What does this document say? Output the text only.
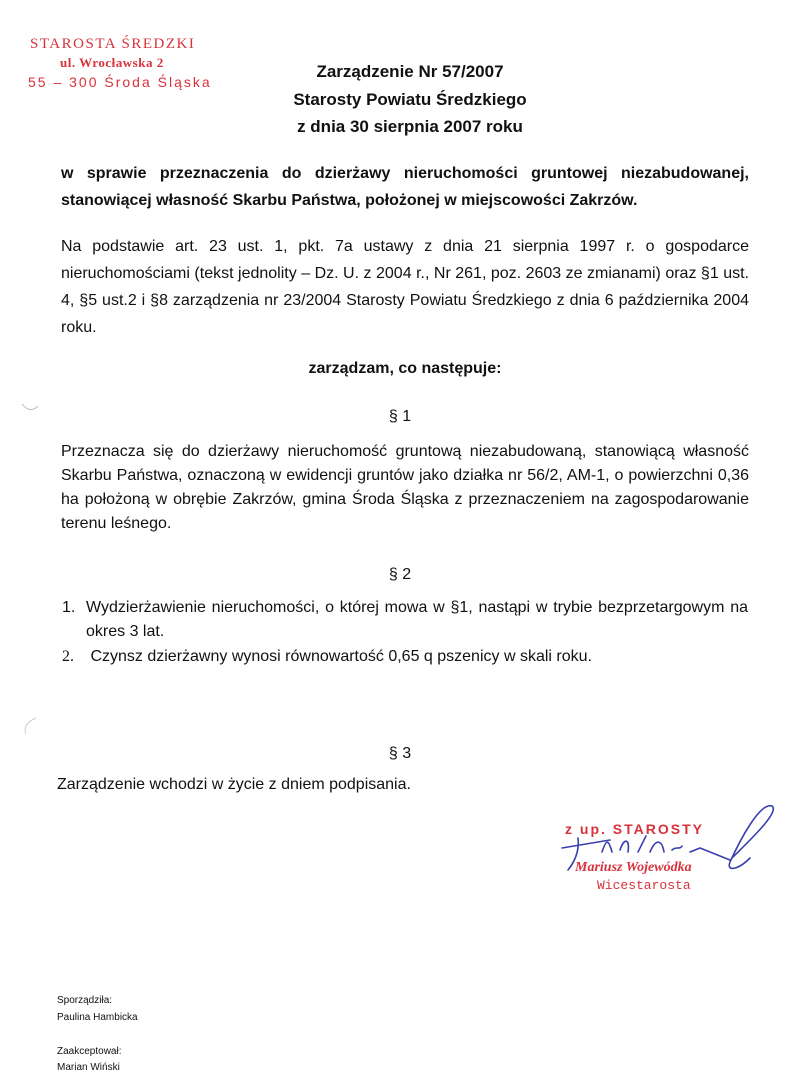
STAROSTA ŚREDZKI
ul. Wrocławska 2
55 – 300 Środa Śląska
Zarządzenie Nr 57/2007
Starosty Powiatu Średzkiego
z dnia 30 sierpnia 2007 roku
w sprawie przeznaczenia do dzierżawy nieruchomości gruntowej niezabudowanej, stanowiącej własność Skarbu Państwa, położonej w miejscowości Zakrzów.
Na podstawie art. 23 ust. 1, pkt. 7a ustawy z dnia 21 sierpnia 1997 r. o gospodarce nieruchomościami (tekst jednolity – Dz. U. z 2004 r., Nr 261, poz. 2603 ze zmianami) oraz §1 ust. 4, §5 ust.2 i §8 zarządzenia nr 23/2004 Starosty Powiatu Średzkiego z dnia 6 października 2004 roku.
zarządzam, co następuje:
§ 1
Przeznacza się do dzierżawy nieruchomość gruntową niezabudowaną, stanowiącą własność Skarbu Państwa, oznaczoną w ewidencji gruntów jako działka nr 56/2, AM-1, o powierzchni 0,36 ha położoną w obrębie Zakrzów, gmina Środa Śląska z przeznaczeniem na zagospodarowanie terenu leśnego.
§ 2
1. Wydzierżawienie nieruchomości, o której mowa w §1, nastąpi w trybie bezprzetargowym na okres 3 lat.
2. Czynsz dzierżawny wynosi równowartość 0,65 q pszenicy w skali roku.
§ 3
Zarządzenie wchodzi w życie z dniem podpisania.
z up. STAROSTY
Mariusz Wojewódka
Wicestarosta
Sporządziła:
Paulina Hambicka
Zaakceptował:
Marian Wiński
